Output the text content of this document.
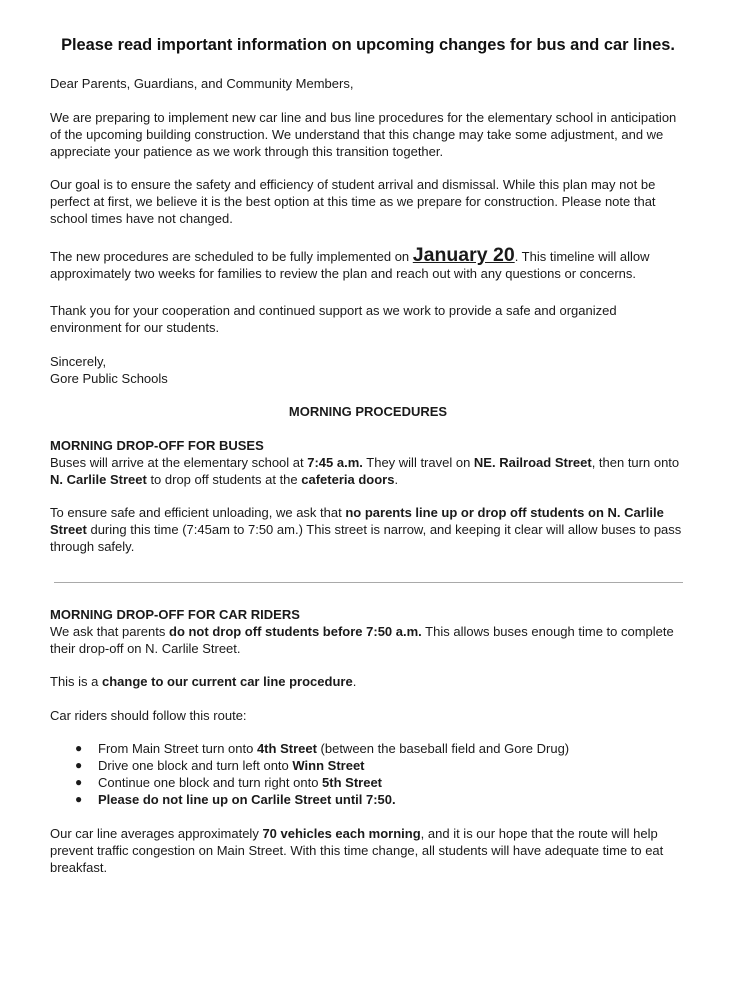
Please read important information on upcoming changes for bus and car lines.

Dear Parents, Guardians, and Community Members,

We are preparing to implement new car line and bus line procedures for the elementary school in anticipation of the upcoming building construction. We understand that this change may take some adjustment, and we appreciate your patience as we work through this transition together.

Our goal is to ensure the safety and efficiency of student arrival and dismissal. While this plan may not be perfect at first, we believe it is the best option at this time as we prepare for construction. Please note that school times have not changed.

The new procedures are scheduled to be fully implemented on January 20. This timeline will allow approximately two weeks for families to review the plan and reach out with any questions or concerns.

Thank you for your cooperation and continued support as we work to provide a safe and organized environment for our students.

Sincerely,

Gore Public Schools

MORNING PROCEDURES

MORNING DROP-OFF FOR BUSES

Buses will arrive at the elementary school at 7:45 a.m. They will travel on NE. Railroad Street, then turn onto N. Carlile Street to drop off students at the cafeteria doors.

To ensure safe and efficient unloading, we ask that no parents line up or drop off students on N. Carlile Street during this time (7:45am to 7:50 am.) This street is narrow, and keeping it clear will allow buses to pass through safely.

MORNING DROP-OFF FOR CAR RIDERS

We ask that parents do not drop off students before 7:50 a.m. This allows buses enough time to complete their drop-off on N. Carlile Street.

This is a change to our current car line procedure.

Car riders should follow this route:

● From Main Street turn onto 4th Street (between the baseball field and Gore Drug)
● Drive one block and turn left onto Winn Street
● Continue one block and turn right onto 5th Street
● Please do not line up on Carlile Street until 7:50.

Our car line averages approximately 70 vehicles each morning, and it is our hope that the route will help prevent traffic congestion on Main Street. With this time change, all students will have adequate time to eat breakfast.
